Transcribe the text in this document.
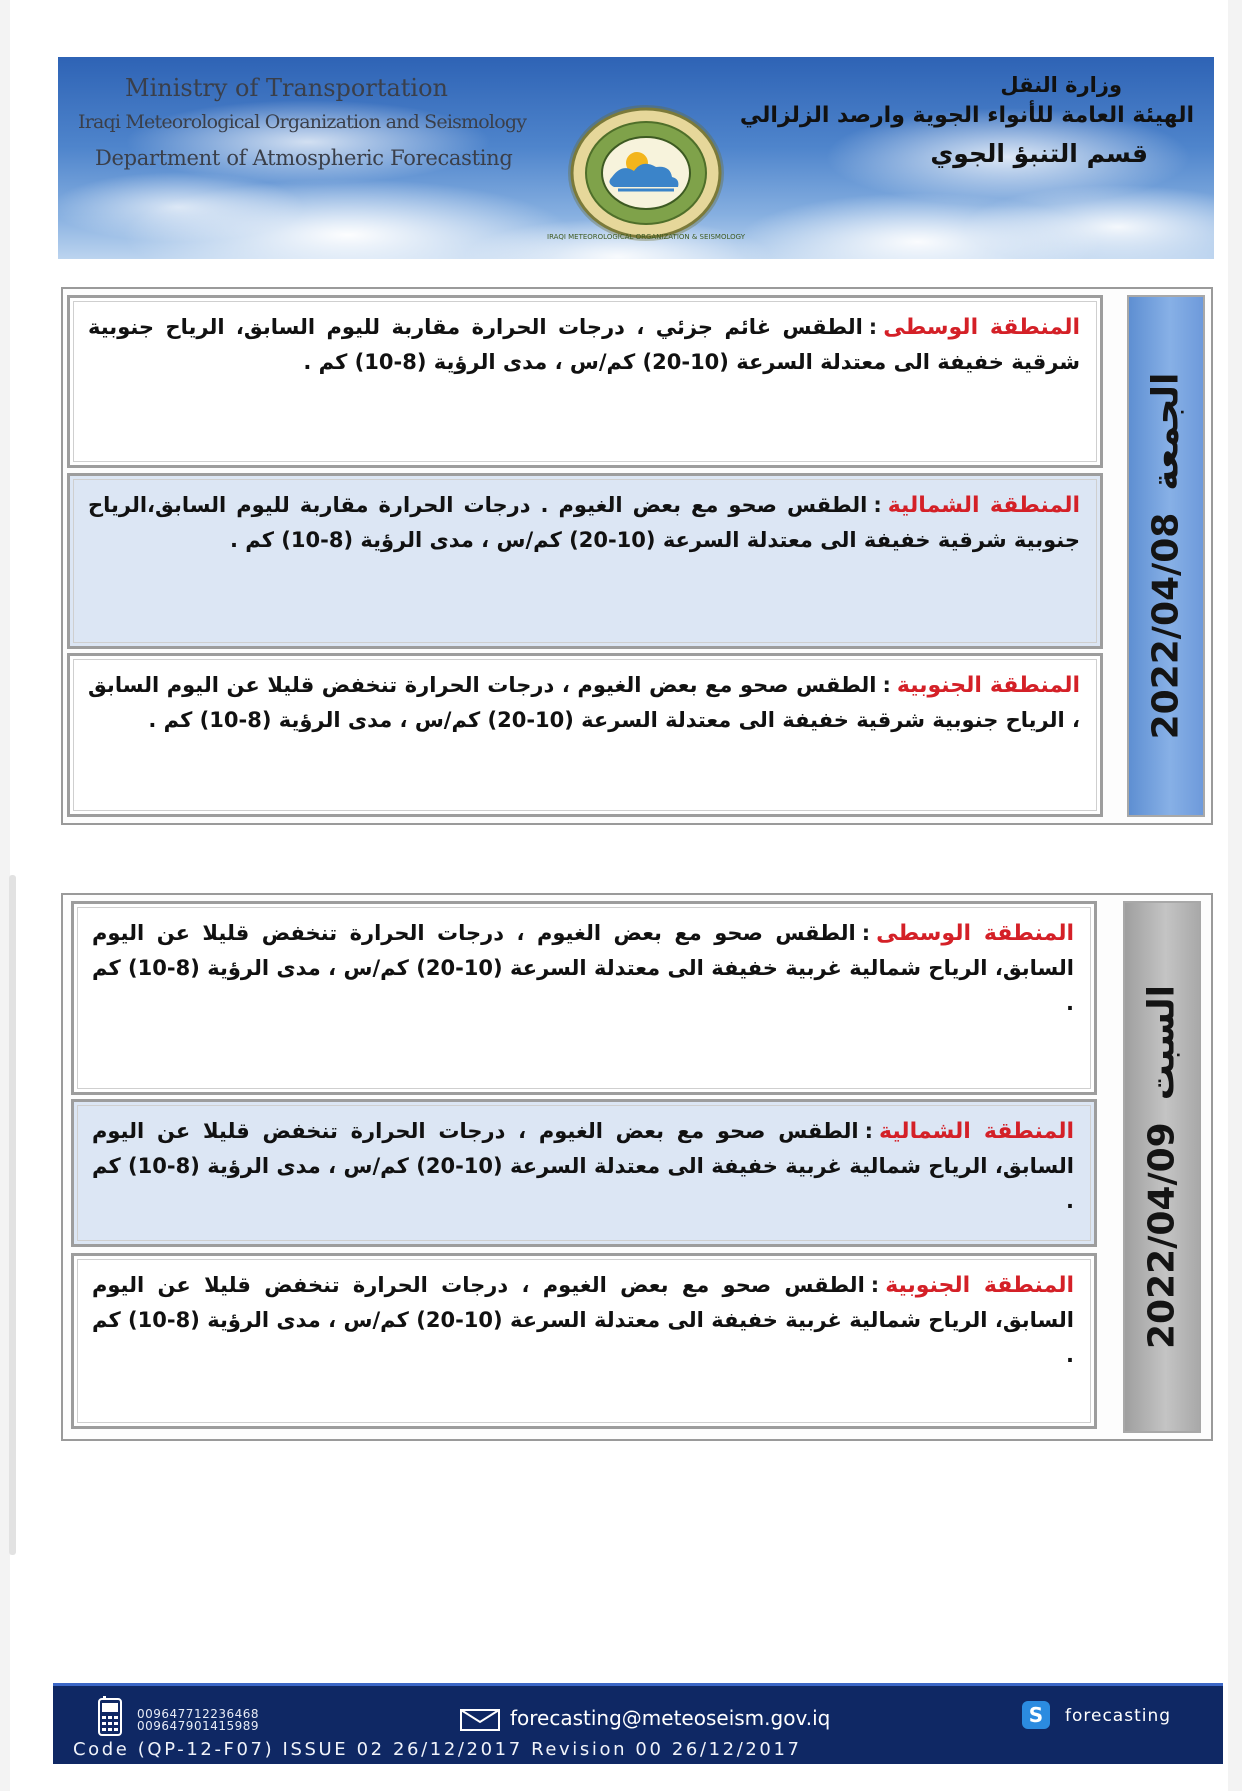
Ministry of Transportation
Iraqi Meteorological Organization and Seismology
Department of Atmospheric Forecasting
IRAQI METEOROLOGICAL ORGANIZATION & SEISMOLOGY
وزارة النقل
الهيئة العامة للأنواء الجوية وارصد الزلزالي
قسم التنبؤ الجوي
المنطقة الوسطى:الطقس غائم جزئي ، درجات الحرارة مقاربة لليوم السابق، الرياح جنوبية شرقية خفيفة الى معتدلة السرعة (10-20) كم/س ، مدى الرؤية (8-10) كم .
المنطقة الشمالية:الطقس صحو مع بعض الغيوم . درجات الحرارة مقاربة لليوم السابق،الرياح جنوبية شرقية خفيفة الى معتدلة السرعة (10-20) كم/س ، مدى الرؤية (8-10) كم .
المنطقة الجنوبية:الطقس صحو مع بعض الغيوم ، درجات الحرارة تنخفض قليلا عن اليوم السابق ، الرياح جنوبية شرقية خفيفة الى معتدلة السرعة (10-20) كم/س ، مدى الرؤية (8-10) كم . 2022/04/08الجمعة
المنطقة الوسطى:الطقس صحو مع بعض الغيوم ، درجات الحرارة تنخفض قليلا عن اليوم السابق، الرياح شمالية غربية خفيفة الى معتدلة السرعة (10-20) كم/س ، مدى الرؤية (8-10) كم .
المنطقة الشمالية:الطقس صحو مع بعض الغيوم ، درجات الحرارة تنخفض قليلا عن اليوم السابق، الرياح شمالية غربية خفيفة الى معتدلة السرعة (10-20) كم/س ، مدى الرؤية (8-10) كم .
المنطقة الجنوبية:الطقس صحو مع بعض الغيوم ، درجات الحرارة تنخفض قليلا عن اليوم السابق، الرياح شمالية غربية خفيفة الى معتدلة السرعة (10-20) كم/س ، مدى الرؤية (8-10) كم .
2022/04/09السبت
009647712236468
009647901415989	forecasting@meteoseism.gov.iq	S forecasting
Code (QP-12-F07) ISSUE 02 26/12/2017 Revision 00 26/12/2017
